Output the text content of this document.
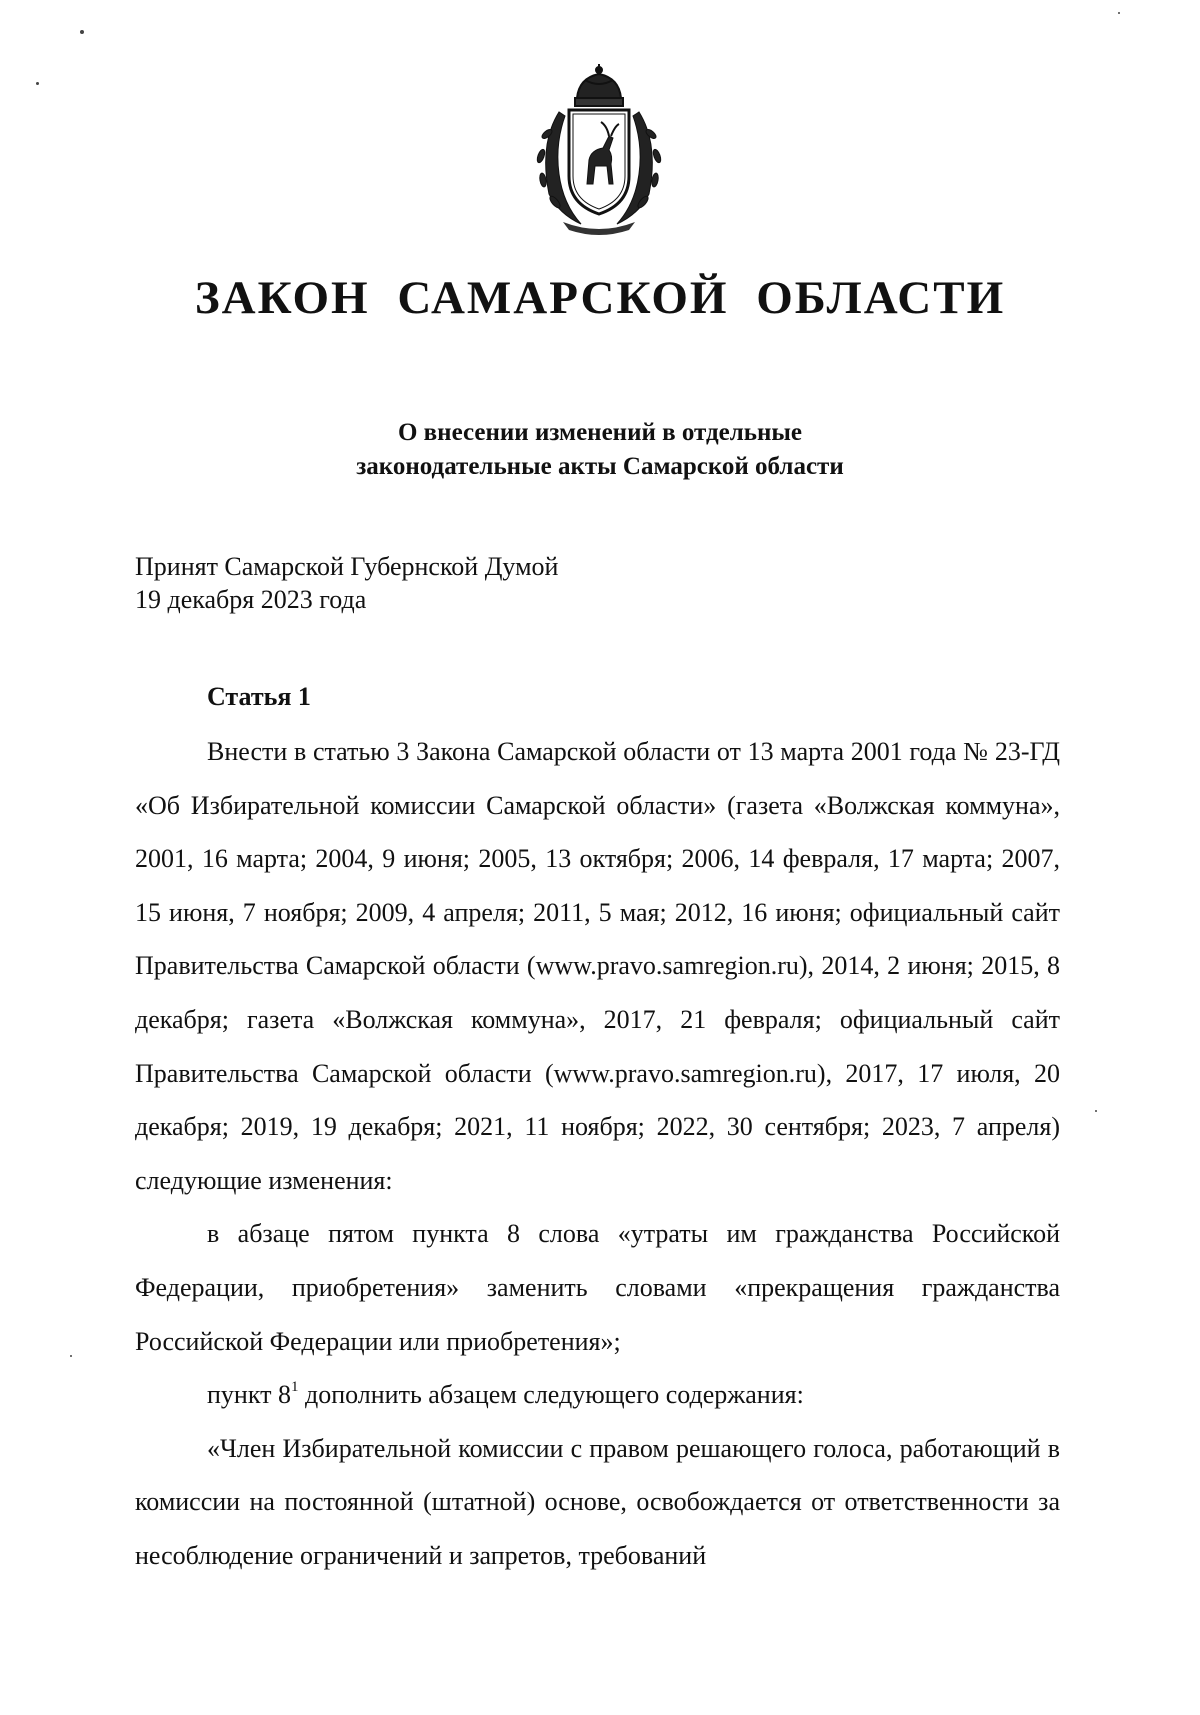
ЗАКОН САМАРСКОЙ ОБЛАСТИ
О внесении изменений в отдельные
законодательные акты Самарской области
Принят Самарской Губернской Думой
19 декабря 2023 года
Статья 1

Внести в статью 3 Закона Самарской области от 13 марта 2001 года № 23-ГД «Об Избирательной комиссии Самарской области» (газета «Волжская коммуна», 2001, 16 марта; 2004, 9 июня; 2005, 13 октября; 2006, 14 февраля, 17 марта; 2007, 15 июня, 7 ноября; 2009, 4 апреля; 2011, 5 мая; 2012, 16 июня; официальный сайт Правительства Самарской области (www.pravo.samregion.ru), 2014, 2 июня; 2015, 8 декабря; газета «Волжская коммуна», 2017, 21 февраля; официальный сайт Правительства Самарской области (www.pravo.samregion.ru), 2017, 17 июля, 20 декабря; 2019, 19 декабря; 2021, 11 ноября; 2022, 30 сентября; 2023, 7 апреля) следующие изменения:

в абзаце пятом пункта 8 слова «утраты им гражданства Российской Федерации, приобретения» заменить словами «прекращения гражданства Российской Федерации или приобретения»;

пункт $8^1$ дополнить абзацем следующего содержания:

«Член Избирательной комиссии с правом решающего голоса, работающий в комиссии на постоянной (штатной) основе, освобождается от ответственности за несоблюдение ограничений и запретов, требований
